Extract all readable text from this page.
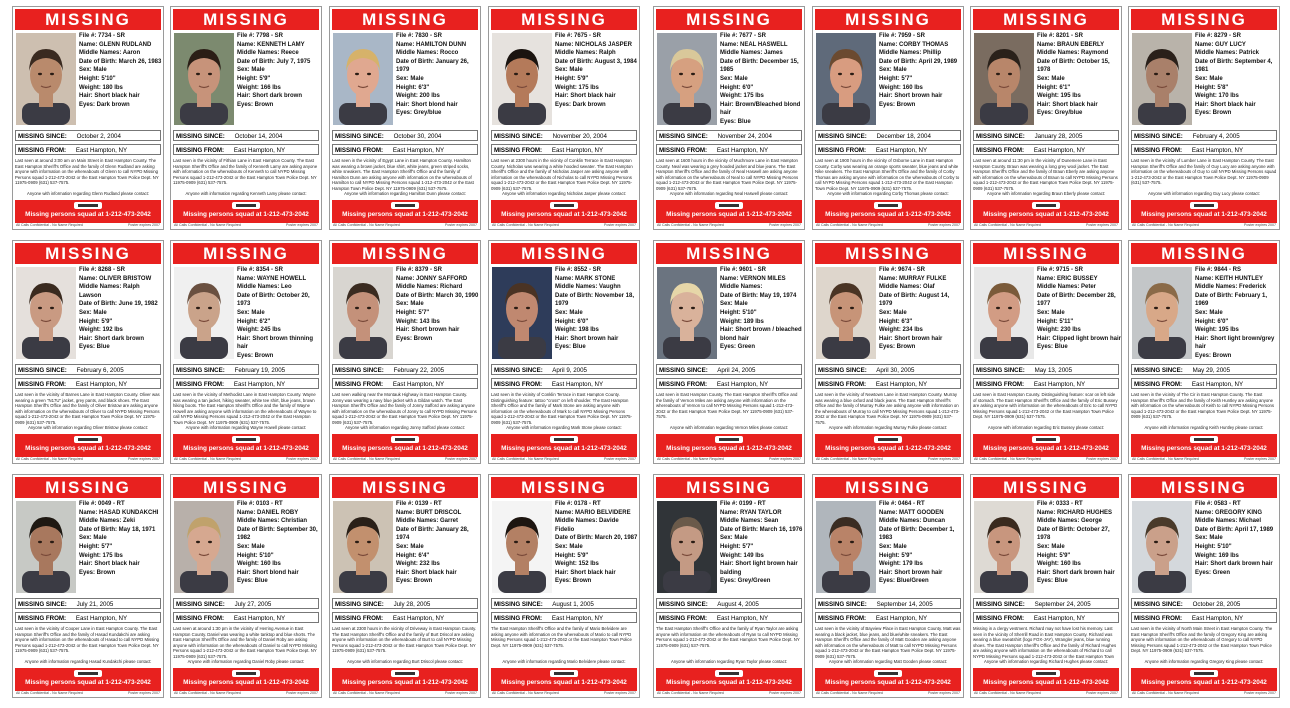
MISSING
File #: 7734 - SR
Name: GLENN RUDLAND
Middle Names: Aaron
Date of Birth: March 26, 1983
Sex: Male
Height: 5'10"
Weight: 180 lbs
Hair: Short black hair
Eyes: Dark brown
MISSING SINCE: October 2, 2004
MISSING FROM: East Hampton, NY
Last seen at around 3:00 am on Main Street in East Hampton County. The East Hampton Sheriff's Office and the family of Glenn Rudland are asking anyone with information on the whereabouts of Glenn to call NYPD Missing Persons squad 1-212-473-2042 or the East Hampton Town Police Dept. NY 11975-0909 (631) 537-7575.
Anyone with information regarding Glenn Rudland please contact:
Missing persons squad at 1-212-473-2042
Poster expires 2007
All Calls Confidential - No Name Required
MISSING
File #: 7798 - SR
Name: KENNETH LAMY
Middle Names: Reece
Date of Birth: July 7, 1975
Sex: Male
Height: 5'9"
Weight: 166 lbs
Hair: Short dark brown
Eyes: Brown
MISSING SINCE: October 14, 2004
MISSING FROM: East Hampton, NY
Last seen in the vicinity of Fithian Lane in East Hampton County. The East Hampton Sheriff's Office and the family of Kenneth Lamy are asking anyone with information on the whereabouts of Kenneth to call NYPD Missing Persons squad 1-212-473-2042 or the East Hampton Town Police Dept. NY 11975-0909 (631) 537-7575.
Anyone with information regarding Kenneth Lamy please contact:
Missing persons squad at 1-212-473-2042
Poster expires 2007
All Calls Confidential - No Name Required
MISSING
File #: 7830 - SR
Name: HAMILTON DUNN
Middle Names: Rocco
Date of Birth: January 26, 1979
Sex: Male
Height: 6'3"
Weight: 200 lbs
Hair: Short blond hair
Eyes: Grey/blue
MISSING SINCE: October 30, 2004
MISSING FROM: East Hampton, NY
Last seen in the vicinity of Egypt Lane in East Hampton County. Hamilton was wearing a brown jacket, blue shirt, white jeans, green striped socks, white sneakers. The East Hampton Sheriff's Office and the family of Hamilton Dunn are asking anyone with information on the whereabouts of Hamilton to call NYPD Missing Persons squad 1-212-473-2042 or the East Hampton Town Police Dept. NY 11975-0909 (631) 537-7575.
Anyone with information regarding Hamilton Dunn please contact:
Missing persons squad at 1-212-473-2042
Poster expires 2007
All Calls Confidential - No Name Required
MISSING
File #: 7675 - SR
Name: NICHOLAS JASPER
Middle Names: Ralph
Date of Birth: August 3, 1984
Sex: Male
Height: 5'9"
Weight: 175 lbs
Hair: Short black hair
Eyes: Dark brown
MISSING SINCE: November 20, 2004
MISSING FROM: East Hampton, NY
Last seen at 2300 hours in the vicinity of Conklin Terrace in East Hampton County. Nicholas was wearing a white hooded sweater. The East Hampton Sheriff's Office and the family of Nicholas Jasper are asking anyone with information on the whereabouts of Nicholas to call NYPD Missing Persons squad 1-212-473-2042 or the East Hampton Town Police Dept. NY 11975-0909 (631) 537-7575.
Anyone with information regarding Nicholas Jasper please contact:
Missing persons squad at 1-212-473-2042
Poster expires 2007
All Calls Confidential - No Name Required
MISSING
File #: 7677 - SR
Name: NEAL HASWELL
Middle Names: James
Date of Birth: December 15, 1985
Sex: Male
Height: 6'0"
Weight: 175 lbs
Hair: Brown/Bleached blond hair
Eyes: Blue
MISSING SINCE: November 24, 2004
MISSING FROM: East Hampton, NY
Last seen at 1600 hours in the vicinity of Muchmore Lane in East Hampton County. Neal was wearing a grey hooded jacket and blue jeans. The East Hampton Sheriff's Office and the family of Neal Haswell are asking anyone with information on the whereabouts of Neal to call NYPD Missing Persons squad 1-212-473-2042 or the East Hampton Town Police Dept. NY 11975-0909 (631) 537-7575.
Anyone with information regarding Neal Haswell please contact:
Missing persons squad at 1-212-473-2042
Poster expires 2007
All Calls Confidential - No Name Required
MISSING
File #: 7959 - SR
Name: CORBY THOMAS
Middle Names: Phillip
Date of Birth: April 29, 1989
Sex: Male
Height: 5'7"
Weight: 160 lbs
Hair: Short brown hair
Eyes: Brown
MISSING SINCE: December 18, 2004
MISSING FROM: East Hampton, NY
Last seen at 1900 hours in the vicinity of Osborne Lane in East Hampton County. Corby was wearing an orange sports sweater, blue jeans and white Nike sneakers. The East Hampton Sheriff's Office and the family of Corby Thomas are asking anyone with information on the whereabouts of Corby to call NYPD Missing Persons squad 1-212-473-2042 or the East Hampton Town Police Dept. NY 11975-0909 (631) 537-7575.
Anyone with information regarding Corby Thomas please contact:
Missing persons squad at 1-212-473-2042
Poster expires 2007
All Calls Confidential - No Name Required
MISSING
File #: 8201 - SR
Name: BRAUN EBERLY
Middle Names: Raymond
Date of Birth: October 15, 1978
Sex: Male
Height: 6'1"
Weight: 195 lbs
Hair: Short black hair
Eyes: Grey/blue
MISSING SINCE: January 28, 2005
MISSING FROM: East Hampton, NY
Last seen at around 11:30 pm in the vicinity of Dunemere Lane in East Hampton County. Braun was wearing a long grey wool jacket. The East Hampton Sheriff's Office and the family of Braun Eberly are asking anyone with information on the whereabouts of Braun to call NYPD Missing Persons squad 1-212-473-2042 or the East Hampton Town Police Dept. NY 11975-0909 (631) 537-7575.
Anyone with information regarding Braun Eberly please contact:
Missing persons squad at 1-212-473-2042
Poster expires 2007
All Calls Confidential - No Name Required
MISSING
File #: 8279 - SR
Name: GUY LUCY
Middle Names: Patrick
Date of Birth: September 4, 1981
Sex: Male
Height: 5'8"
Weight: 170 lbs
Hair: Short black hair
Eyes: Brown
MISSING SINCE: February 4, 2005
MISSING FROM: East Hampton, NY
Last seen in the vicinity of Lumber Lane in East Hampton County. The East Hampton Sheriff's Office and the family of Guy Lucy are asking anyone with information on the whereabouts of Guy to call NYPD Missing Persons squad 1-212-473-2042 or the East Hampton Town Police Dept. NY 11975-0909 (631) 537-7575.
Anyone with information regarding Guy Lucy please contact:
Missing persons squad at 1-212-473-2042
Poster expires 2007
All Calls Confidential - No Name Required
MISSING
File #: 8268 - SR
Name: OLIVER BRISTOW
Middle Names: Ralph Lawson
Date of Birth: June 19, 1982
Sex: Male
Height: 5'9"
Weight: 192 lbs
Hair: Short dark brown
Eyes: Blue
MISSING SINCE: February 6, 2005
MISSING FROM: East Hampton, NY
Last seen in the vicinity of Barnes Lane in East Hampton County. Oliver was wearing a green "N17U" jacket, grey pants, and black shoes. The East Hampton Sheriff's Office and the family of Oliver Bristow are asking anyone with information on the whereabouts of Oliver to call NYPD Missing Persons squad 1-212-473-2042 or the East Hampton Town Police Dept. NY 11975-0909 (631) 537-7575.
Anyone with information regarding Oliver Bristow please contact:
Missing persons squad at 1-212-473-2042
Poster expires 2007
All Calls Confidential - No Name Required
MISSING
File #: 8354 - SR
Name: WAYNE HOWELL
Middle Names: Leo
Date of Birth: October 20, 1973
Sex: Male
Height: 6'2"
Weight: 245 lbs
Hair: Short brown thinning hair
Eyes: Brown
MISSING SINCE: February 19, 2005
MISSING FROM: East Hampton, NY
Last seen in the vicinity of Methodist Lane in East Hampton County. Wayne was wearing a tan jacket, hiking sweater, white tee shirt, blue jeans, brown hiking boots. The East Hampton Sheriff's Office and the family of Wayne Howell are asking anyone with information on the whereabouts of Wayne to call NYPD Missing Persons squad 1-212-473-2042 or the East Hampton Town Police Dept. NY 11975-0909 (631) 537-7575.
Anyone with information regarding Wayne Howell please contact:
Missing persons squad at 1-212-473-2042
Poster expires 2007
All Calls Confidential - No Name Required
MISSING
File #: 8379 - SR
Name: JONNY SAFFORD
Middle Names: Richard
Date of Birth: March 30, 1990
Sex: Male
Height: 5'7"
Weight: 143 lbs
Hair: Short brown hair
Eyes: Brown
MISSING SINCE: February 22, 2005
MISSING FROM: East Hampton, NY
Last seen walking near the Montauk Highway in East Hampton County. Jonny was wearing a navy blue jacket with a Gildan watch. The East Hampton Sheriff's Office and the family of Jonny Safford are asking anyone with information on the whereabouts of Jonny to call NYPD Missing Persons squad 1-212-473-2042 or the East Hampton Town Police Dept. NY 11975-0909 (631) 537-7575.
Anyone with information regarding Jonny Safford please contact:
Missing persons squad at 1-212-473-2042
Poster expires 2007
All Calls Confidential - No Name Required
MISSING
File #: 8552 - SR
Name: MARK STONE
Middle Names: Vaughn
Date of Birth: November 18, 1979
Sex: Male
Height: 6'0"
Weight: 198 lbs
Hair: Short brown hair
Eyes: Blue
MISSING SINCE: April 9, 2005
MISSING FROM: East Hampton, NY
Last seen in the vicinity of Conklin Terrace in East Hampton County. Distinguishing feature: tattoo "cross" on left shoulder. The East Hampton Sheriff's Office and the family of Mark Stone are asking anyone with information on the whereabouts of Mark to call NYPD Missing Persons squad 1-212-473-2042 or the East Hampton Town Police Dept. NY 11975-0909 (631) 537-7575.
Anyone with information regarding Mark Stone please contact:
Missing persons squad at 1-212-473-2042
Poster expires 2007
All Calls Confidential - No Name Required
MISSING
File #: 9601 - SR
Name: VERNON MILES
Middle Names:
Date of Birth: May 19, 1974
Sex: Male
Height: 5'10"
Weight: 189 lbs
Hair: Short brown / bleached blond hair
Eyes: Green
MISSING SINCE: April 24, 2005
MISSING FROM: East Hampton, NY
Last seen in East Hampton County. The East Hampton Sheriff's Office and the family of Vernon Miles are asking anyone with information on the whereabouts of Vernon to call NYPD Missing Persons squad 1-212-473-2042 or the East Hampton Town Police Dept. NY 11975-0909 (631) 537-7575.
Anyone with information regarding Vernon Miles please contact:
Missing persons squad at 1-212-473-2042
Poster expires 2007
All Calls Confidential - No Name Required
MISSING
File #: 9674 - SR
Name: MURRAY FULKE
Middle Names: Olaf
Date of Birth: August 14, 1979
Sex: Male
Height: 6'3"
Weight: 234 lbs
Hair: Short brown hair
Eyes: Brown
MISSING SINCE: April 30, 2005
MISSING FROM: East Hampton, NY
Last seen in the vicinity of Newtown Lane in East Hampton County. Murray was wearing a blue oxford and black jeans. The East Hampton Sheriff's Office and the family of Murray Fulke are asking anyone with information on the whereabouts of Murray to call NYPD Missing Persons squad 1-212-473-2042 or the East Hampton Town Police Dept. NY 11975-0909 (631) 537-7575.
Anyone with information regarding Murray Fulke please contact:
Missing persons squad at 1-212-473-2042
Poster expires 2007
All Calls Confidential - No Name Required
MISSING
File #: 9715 - SR
Name: ERIC BUSSEY
Middle Names: Peter
Date of Birth: December 28, 1977
Sex: Male
Height: 5'11"
Weight: 230 lbs
Hair: Clipped light brown hair
Eyes: Blue
MISSING SINCE: May 13, 2005
MISSING FROM: East Hampton, NY
Last seen in East Hampton County. Distinguishing feature: scar on left side of stomach. The East Hampton Sheriff's Office and the family of Eric Bussey are asking anyone with information on the whereabouts of Eric to call NYPD Missing Persons squad 1-212-473-2042 or the East Hampton Town Police Dept. NY 11975-0909 (631) 537-7575.
Anyone with information regarding Eric Bussey please contact:
Missing persons squad at 1-212-473-2042
Poster expires 2007
All Calls Confidential - No Name Required
MISSING
File #: 9844 - RS
Name: KEITH HUNTLEY
Middle Names: Frederick
Date of Birth: February 1, 1969
Sex: Male
Height: 6'0"
Weight: 195 lbs
Hair: Short light brown/grey hair
Eyes: Brown
MISSING SINCE: May 29, 2005
MISSING FROM: East Hampton, NY
Last seen in the vicinity of The Cir in East Hampton County. The East Hampton Sheriff's Office and the family of Keith Huntley are asking anyone with information on the whereabouts of Keith to call NYPD Missing Persons squad 1-212-473-2042 or the East Hampton Town Police Dept. NY 11975-0909 (631) 537-7575.
Anyone with information regarding Keith Huntley please contact:
Missing persons squad at 1-212-473-2042
Poster expires 2007
All Calls Confidential - No Name Required
MISSING
File #: 0049 - RT
Name: HASAD KUNDAKCHI
Middle Names: Zeki
Date of Birth: May 18, 1971
Sex: Male
Height: 5'7"
Weight: 175 lbs
Hair: Short black hair
Eyes: Brown
MISSING SINCE: July 21, 2005
MISSING FROM: East Hampton, NY
Last seen in the vicinity of Cooper Lane in East Hampton County. The East Hampton Sheriff's Office and the family of Hasad Kundakchi are asking anyone with information on the whereabouts of Hasad to call NYPD Missing Persons squad 1-212-473-2042 or the East Hampton Town Police Dept. NY 11975-0909 (631) 537-7575.
Anyone with information regarding Hasad Kundakchi please contact:
Missing persons squad at 1-212-473-2042
Poster expires 2007
All Calls Confidential - No Name Required
MISSING
File #: 0103 - RT
Name: DANIEL ROBY
Middle Names: Christian
Date of Birth: September 30, 1982
Sex: Male
Height: 5'10"
Weight: 160 lbs
Hair: Short blond hair
Eyes: Blue
MISSING SINCE: July 27, 2005
MISSING FROM: East Hampton, NY
Last seen at around 1:30 pm in the vicinity of Herring Avenue in East Hampton County. Daniel was wearing a white tanktop and blue shorts. The East Hampton Sheriff's Office and the family of Daniel Roby are asking anyone with information on the whereabouts of Daniel to call NYPD Missing Persons squad 1-212-473-2042 or the East Hampton Town Police Dept. NY 11975-0909 (631) 537-7575.
Anyone with information regarding Daniel Roby please contact:
Missing persons squad at 1-212-473-2042
Poster expires 2007
All Calls Confidential - No Name Required
MISSING
File #: 0139 - RT
Name: BURT DRISCOL
Middle Names: Garret
Date of Birth: January 28, 1974
Sex: Male
Height: 6'4"
Weight: 232 lbs
Hair: Short black hair
Eyes: Brown
MISSING SINCE: July 28, 2005
MISSING FROM: East Hampton, NY
Last seen at 2300 hours in the vicinity of Driveway in East Hampton County. The East Hampton Sheriff's Office and the family of Burt Driscol are asking anyone with information on the whereabouts of Burt to call NYPD Missing Persons squad 1-212-473-2042 or the East Hampton Town Police Dept. NY 11975-0909 (631) 537-7575.
Anyone with information regarding Burt Driscol please contact:
Missing persons squad at 1-212-473-2042
Poster expires 2007
All Calls Confidential - No Name Required
MISSING
File #: 0178 - RT
Name: MARIO BELVIDERE
Middle Names: Davide Fidelio
Date of Birth: March 20, 1987
Sex: Male
Height: 5'9"
Weight: 152 lbs
Hair: Short black hair
Eyes: Brown
MISSING SINCE: August 1, 2005
MISSING FROM: East Hampton, NY
The East Hampton Sheriff's Office and the family of Mario Belvidere are asking anyone with information on the whereabouts of Mario to call NYPD Missing Persons squad 1-212-473-2042 or the East Hampton Town Police Dept. NY 11975-0909 (631) 537-7575.
Anyone with information regarding Mario Belvidere please contact:
Missing persons squad at 1-212-473-2042
Poster expires 2007
All Calls Confidential - No Name Required
MISSING
File #: 0199 - RT
Name: RYAN TAYLOR
Middle Names: Sean
Date of Birth: March 16, 1976
Sex: Male
Height: 5'7"
Weight: 149 lbs
Hair: Short light brown hair balding
Eyes: Grey/Green
MISSING SINCE: August 4, 2005
MISSING FROM: East Hampton, NY
The East Hampton Sheriff's Office and the family of Ryan Taylor are asking anyone with information on the whereabouts of Ryan to call NYPD Missing Persons squad 1-212-473-2042 or the East Hampton Town Police Dept. NY 11975-0909 (631) 537-7575.
Anyone with information regarding Ryan Taylor please contact:
Missing persons squad at 1-212-473-2042
Poster expires 2007
All Calls Confidential - No Name Required
MISSING
File #: 0464 - RT
Name: MATT GOODEN
Middle Names: Duncan
Date of Birth: December 1, 1983
Sex: Male
Height: 5'9"
Weight: 179 lbs
Hair: Short brown hair
Eyes: Blue/Green
MISSING SINCE: September 14, 2005
MISSING FROM: East Hampton, NY
Last seen in the vicinity of Bayview Place in East Hampton County. Matt was wearing a black jacket, blue jeans, and blue/white sneakers. The East Hampton Sheriff's Office and the family of Matt Gooden are asking anyone with information on the whereabouts of Matt to call NYPD Missing Persons squad 1-212-473-2042 or the East Hampton Town Police Dept. NY 11975-0909 (631) 537-7575.
Anyone with information regarding Matt Gooden please contact:
Missing persons squad at 1-212-473-2042
Poster expires 2007
All Calls Confidential - No Name Required
MISSING
File #: 0333 - RT
Name: RICHARD HUGHES
Middle Names: George
Date of Birth: October 27, 1978
Sex: Male
Height: 5'9"
Weight: 160 lbs
Hair: Short dark brown hair
Eyes: Blue
MISSING SINCE: September 24, 2005
MISSING FROM: East Hampton, NY
Missing in a clergy vestment. Richard may not have lost his memory. Last seen in the vicinity of Sherrill Road in East Hampton County. Richard was wearing a blue sweatshirt (logo FOX-JAY), Wrangler jeans, blue running shoes. The East Hampton Sheriff's Office and the family of Richard Hughes are asking anyone with information on the whereabouts of Richard to call NYPD Missing Persons squad 1-212-473-2042 or the East Hampton Town
Anyone with information regarding Richard Hughes please contact:
Missing persons squad at 1-212-473-2042
Poster expires 2007
All Calls Confidential - No Name Required
MISSING
File #: 0583 - RT
Name: GREGORY KING
Middle Names: Michael
Date of Birth: April 17, 1989
Sex: Male
Height: 5'10"
Weight: 169 lbs
Hair: Short dark brown hair
Eyes: Green
MISSING SINCE: October 28, 2005
MISSING FROM: East Hampton, NY
Last seen in the vicinity of North Main Street in East Hampton County. The East Hampton Sheriff's Office and the family of Gregory King are asking anyone with information on the whereabouts of Gregory to call NYPD Missing Persons squad 1-212-473-2042 or the East Hampton Town Police Dept. NY 11975-0909 (631) 537-7575.
Anyone with information regarding Gregory King please contact:
Missing persons squad at 1-212-473-2042
Poster expires 2007
All Calls Confidential - No Name Required
